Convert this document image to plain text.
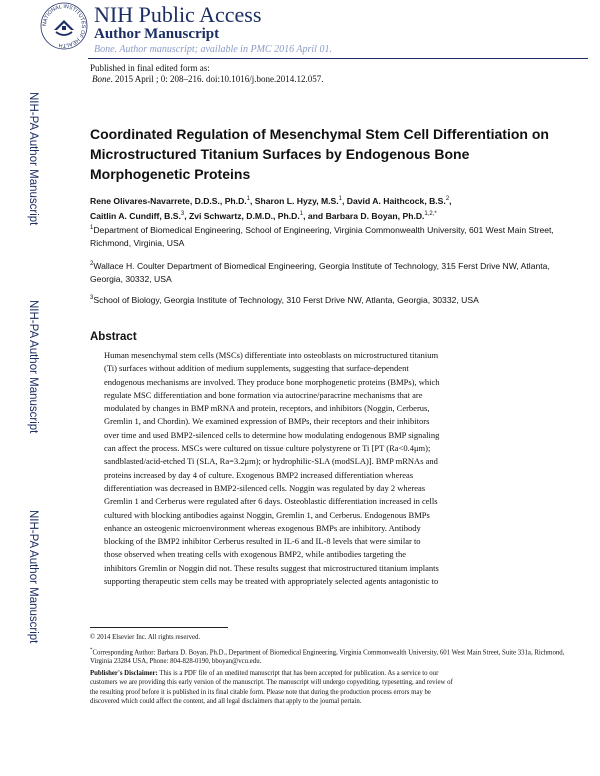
NATIONAL INSTITUTES OF HEALTH
NIH Public Access
Author Manuscript
Bone. Author manuscript; available in PMC 2016 April 01.
Published in final edited form as:
Bone. 2015 April ; 0: 208–216. doi:10.1016/j.bone.2014.12.057.
NIH-PA Author Manuscript
NIH-PA Author Manuscript
NIH-PA Author Manuscript
Coordinated Regulation of Mesenchymal Stem Cell Differentiation on Microstructured Titanium Surfaces by Endogenous Bone Morphogenetic Proteins
Rene Olivares-Navarrete, D.D.S., Ph.D.$^1$, Sharon L. Hyzy, M.S.$^1$, David A. Haithcock, B.S.$^2$,
Caitlin A. Cundiff, B.S.$^3$, Zvi Schwartz, D.M.D., Ph.D.$^1$, and Barbara D. Boyan, Ph.D.$^{1,2,*}$
$^1$Department of Biomedical Engineering, School of Engineering, Virginia Commonwealth University, 601 West Main Street, Richmond, Virginia, USA
$^2$Wallace H. Coulter Department of Biomedical Engineering, Georgia Institute of Technology, 315 Ferst Drive NW, Atlanta, Georgia, 30332, USA
$^3$School of Biology, Georgia Institute of Technology, 310 Ferst Drive NW, Atlanta, Georgia, 30332, USA
Abstract
Human mesenchymal stem cells (MSCs) differentiate into osteoblasts on microstructured titanium
(Ti) surfaces without addition of medium supplements, suggesting that surface-dependent
endogenous mechanisms are involved. They produce bone morphogenetic proteins (BMPs), which
regulate MSC differentiation and bone formation via autocrine/paracrine mechanisms that are
modulated by changes in BMP mRNA and protein, receptors, and inhibitors (Noggin, Cerberus,
Gremlin 1, and Chordin). We examined expression of BMPs, their receptors and their inhibitors
over time and used BMP2-silenced cells to determine how modulating endogenous BMP signaling
can affect the process. MSCs were cultured on tissue culture polystyrene or Ti [PT (Ra<0.4μm);
sandblasted/acid-etched Ti (SLA, Ra=3.2μm); or hydrophilic-SLA (modSLA)]. BMP mRNAs and
proteins increased by day 4 of culture. Exogenous BMP2 increased differentiation whereas
differentiation was decreased in BMP2-silenced cells. Noggin was regulated by day 2 whereas
Gremlin 1 and Cerberus were regulated after 6 days. Osteoblastic differentiation increased in cells
cultured with blocking antibodies against Noggin, Gremlin 1, and Cerberus. Endogenous BMPs
enhance an osteogenic microenvironment whereas exogenous BMPs are inhibitory. Antibody
blocking of the BMP2 inhibitor Cerberus resulted in IL-6 and IL-8 levels that were similar to
those observed when treating cells with exogenous BMP2, while antibodies targeting the
inhibitors Gremlin or Noggin did not. These results suggest that microstructured titanium implants
supporting therapeutic stem cells may be treated with appropriately selected agents antagonistic to
© 2014 Elsevier Inc. All rights reserved.
*Corresponding Author: Barbara D. Boyan, Ph.D., Department of Biomedical Engineering, Virginia Commonwealth University, 601 West Main Street, Suite 331a, Richmond, Virginia 23284 USA, Phone: 804-828-0190, bboyan@vcu.edu.
Publisher's Disclaimer: This is a PDF file of an unedited manuscript that has been accepted for publication. As a service to our
customers we are providing this early version of the manuscript. The manuscript will undergo copyediting, typesetting, and review of
the resulting proof before it is published in its final citable form. Please note that during the production process errors may be
discovered which could affect the content, and all legal disclaimers that apply to the journal pertain.
